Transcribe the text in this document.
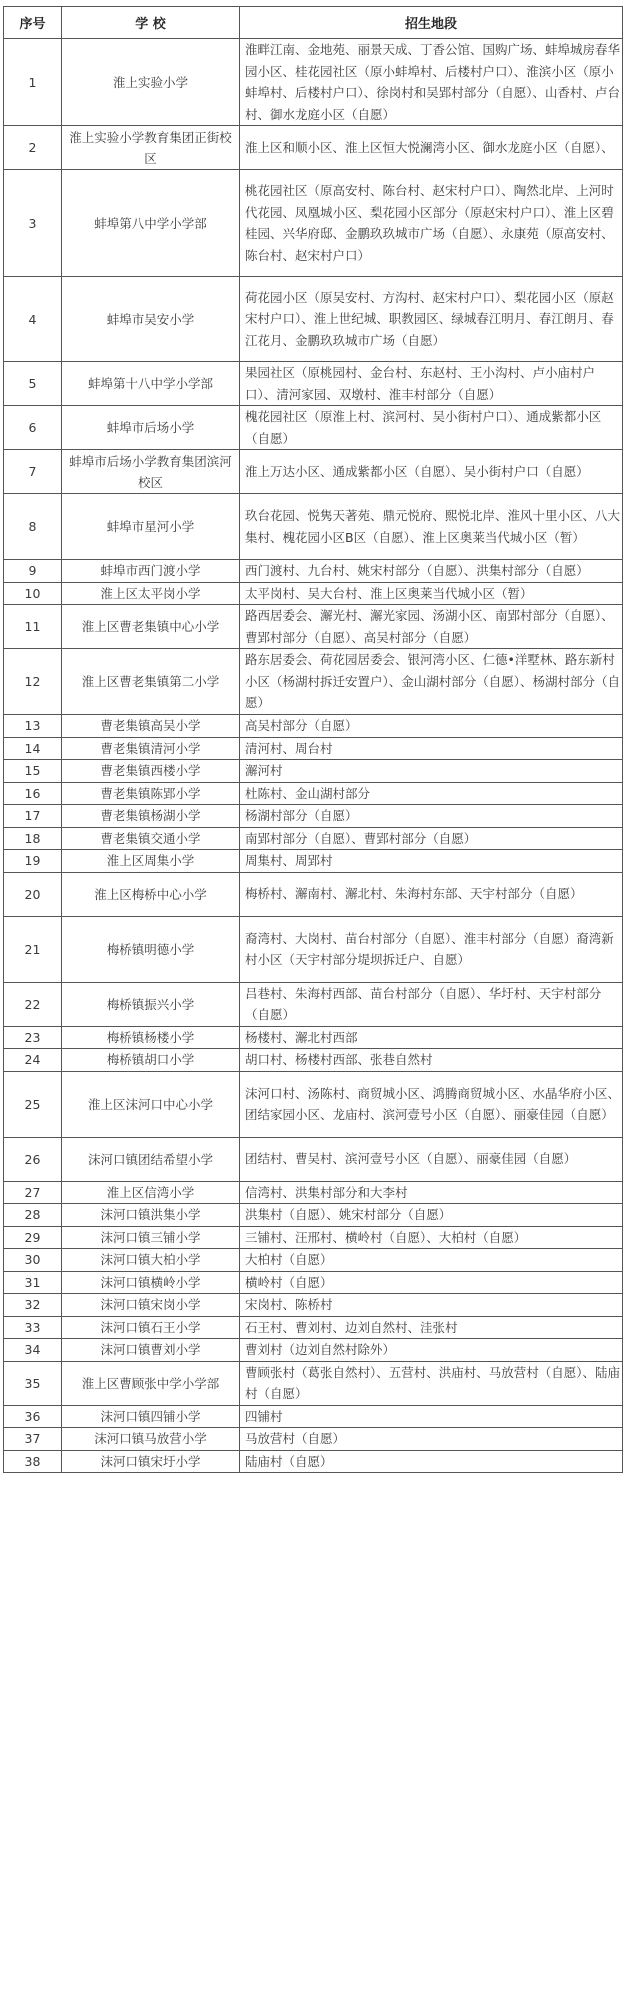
序号	学 校	招生地段
1	淮上实验小学	淮畔江南、金地苑、丽景天成、丁香公馆、国购广场、蚌埠城房春华园小区、桂花园社区（原小蚌埠村、后楼村户口）、淮滨小区（原小蚌埠村、后楼村户口）、徐岗村和吴郢村部分（自愿）、山香村、卢台村、御水龙庭小区（自愿）
2	淮上实验小学教育集团正街校区	淮上区和顺小区、淮上区恒大悦澜湾小区、御水龙庭小区（自愿）、
3	蚌埠第八中学小学部	桃花园社区（原高安村、陈台村、赵宋村户口）、陶然北岸、上河时代花园、凤凰城小区、梨花园小区部分（原赵宋村户口）、淮上区碧桂园、兴华府邸、金鹏玖玖城市广场（自愿）、永康苑（原高安村、陈台村、赵宋村户口）
4	蚌埠市吴安小学	荷花园小区（原吴安村、方沟村、赵宋村户口）、梨花园小区（原赵宋村户口）、淮上世纪城、职教园区、绿城春江明月、春江朗月、春江花月、金鹏玖玖城市广场（自愿）
5	蚌埠第十八中学小学部	果园社区（原桃园村、金台村、东赵村、王小沟村、卢小庙村户口）、清河家园、双墩村、淮丰村部分（自愿）
6	蚌埠市后场小学	槐花园社区（原淮上村、滨河村、吴小街村户口）、通成紫都小区（自愿）
7	蚌埠市后场小学教育集团滨河校区	淮上万达小区、通成紫都小区（自愿）、吴小街村户口（自愿）
8	蚌埠市星河小学	玖台花园、悦隽天著苑、鼎元悦府、熙悦北岸、淮风十里小区、八大集村、槐花园小区B区（自愿）、淮上区奥莱当代城小区（暂）
9	蚌埠市西门渡小学	西门渡村、九台村、姚宋村部分（自愿）、洪集村部分（自愿）
10	淮上区太平岗小学	太平岗村、吴大台村、淮上区奥莱当代城小区（暂）
11	淮上区曹老集镇中心小学	路西居委会、澥光村、澥光家园、汤湖小区、南郢村部分（自愿）、曹郢村部分（自愿）、高吴村部分（自愿）
12	淮上区曹老集镇第二小学	路东居委会、荷花园居委会、银河湾小区、仁德•洋墅林、路东新村小区（杨湖村拆迁安置户）、金山湖村部分（自愿）、杨湖村部分（自愿）
13	曹老集镇高吴小学	高吴村部分（自愿）
14	曹老集镇清河小学	清河村、周台村
15	曹老集镇西楼小学	澥河村
16	曹老集镇陈郢小学	杜陈村、金山湖村部分
17	曹老集镇杨湖小学	杨湖村部分（自愿）
18	曹老集镇交通小学	南郢村部分（自愿）、曹郢村部分（自愿）
19	淮上区周集小学	周集村、周郢村
20	淮上区梅桥中心小学	梅桥村、澥南村、澥北村、朱海村东部、天宇村部分（自愿）
21	梅桥镇明德小学	裔湾村、大岗村、苗台村部分（自愿）、淮丰村部分（自愿）裔湾新村小区（天宇村部分堤坝拆迁户、自愿）
22	梅桥镇振兴小学	吕巷村、朱海村西部、苗台村部分（自愿）、华圩村、天宇村部分（自愿）
23	梅桥镇杨楼小学	杨楼村、澥北村西部
24	梅桥镇胡口小学	胡口村、杨楼村西部、张巷自然村
25	淮上区沫河口中心小学	沫河口村、汤陈村、商贸城小区、鸿腾商贸城小区、水晶华府小区、团结家园小区、龙庙村、滨河壹号小区（自愿）、丽豪佳园（自愿）
26	沫河口镇团结希望小学	团结村、曹吴村、滨河壹号小区（自愿）、丽豪佳园（自愿）
27	淮上区信湾小学	信湾村、洪集村部分和大李村
28	沫河口镇洪集小学	洪集村（自愿）、姚宋村部分（自愿）
29	沫河口镇三铺小学	三铺村、汪邢村、横岭村（自愿）、大柏村（自愿）
30	沫河口镇大柏小学	大柏村（自愿）
31	沫河口镇横岭小学	横岭村（自愿）
32	沫河口镇宋岗小学	宋岗村、陈桥村
33	沫河口镇石王小学	石王村、曹刘村、边刘自然村、洼张村
34	沫河口镇曹刘小学	曹刘村（边刘自然村除外）
35	淮上区曹顾张中学小学部	曹顾张村（葛张自然村）、五营村、洪庙村、马放营村（自愿）、陆庙村（自愿）
36	沫河口镇四铺小学	四铺村
37	沫河口镇马放营小学	马放营村（自愿）
38	沫河口镇宋圩小学	陆庙村（自愿）
